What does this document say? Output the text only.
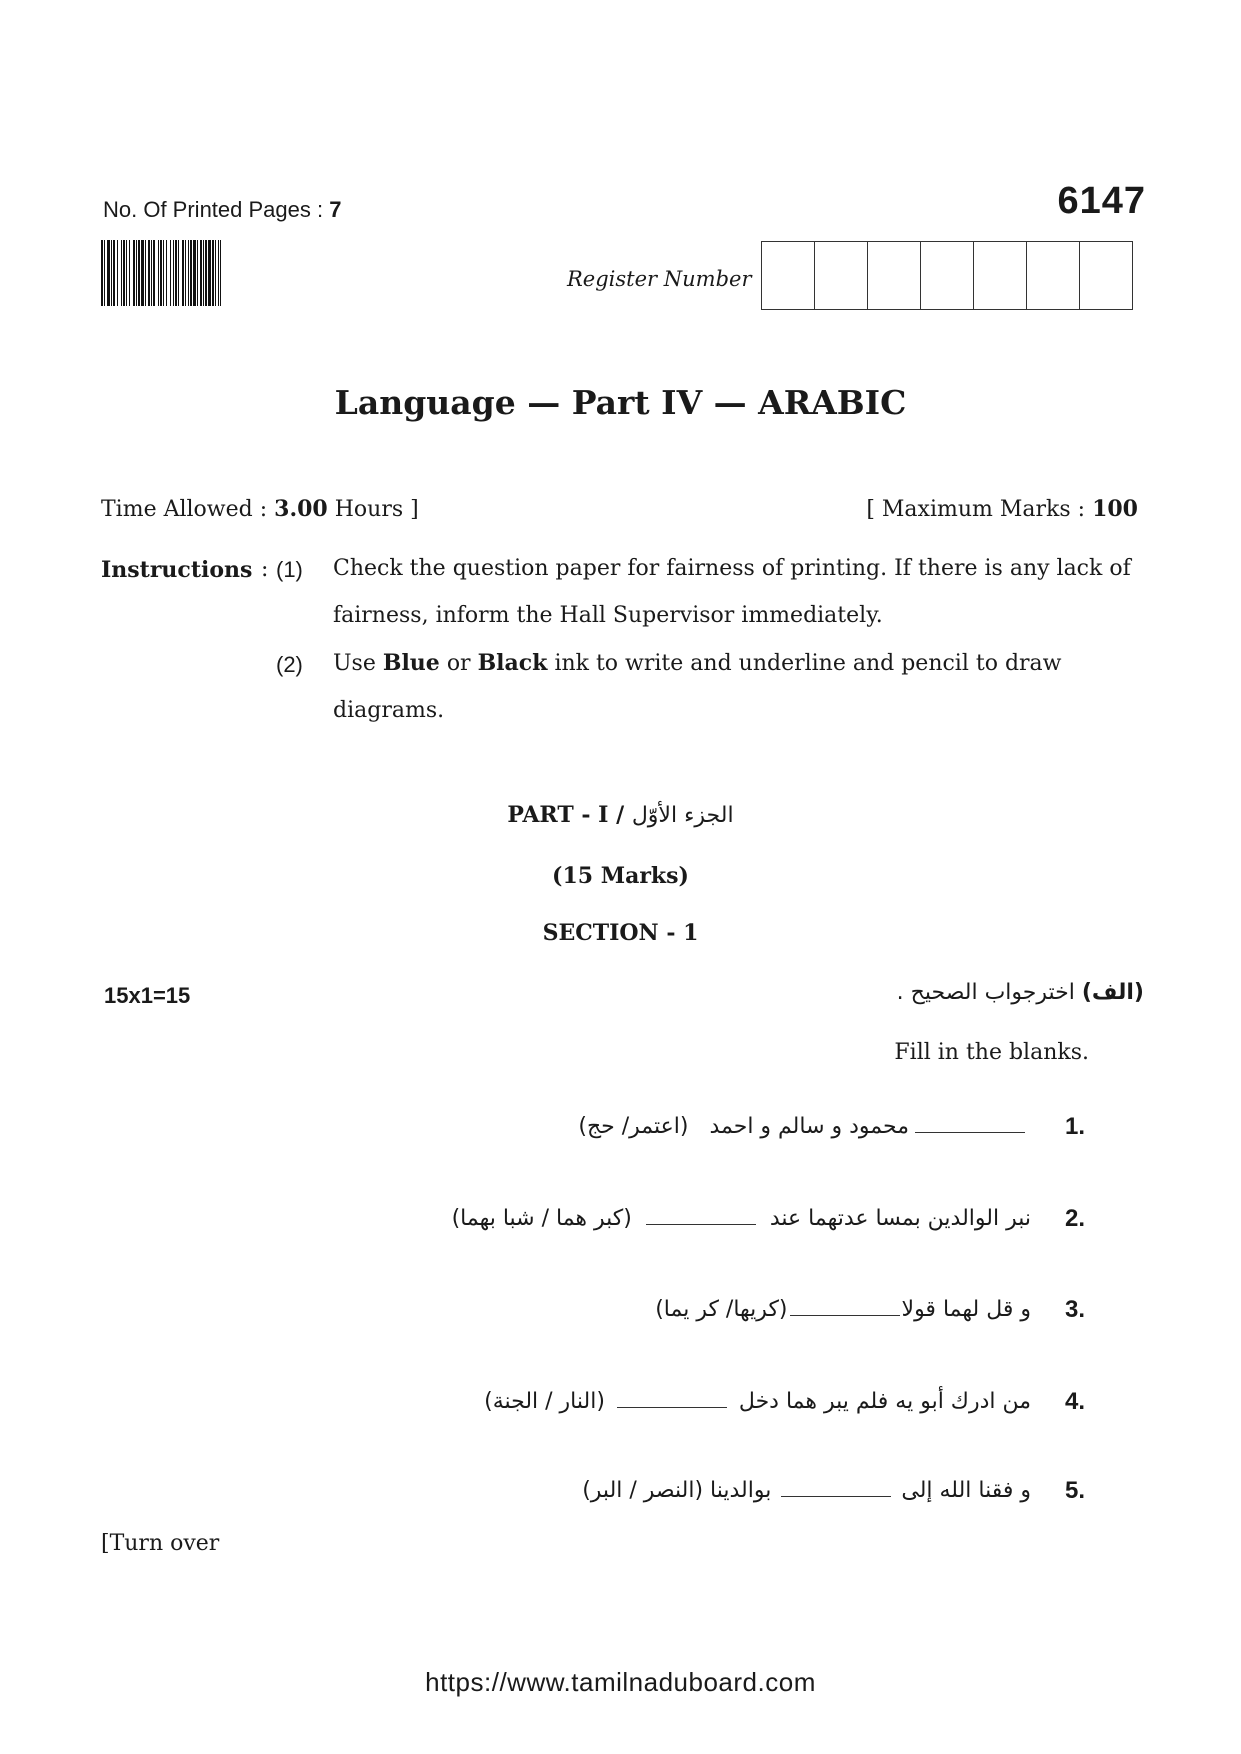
No. Of Printed Pages : 7	6147
Register Number
Language — Part IV — ARABIC
Time Allowed : 3.00 Hours ]	[ Maximum Marks : 100
Instructions : (1) Check the question paper for fairness of printing. If there is any lack of fairness, inform the Hall Supervisor immediately.
(2) Use Blue or Black ink to write and underline and pencil to draw diagrams.
PART - I / الجزء الأوّل
(15 Marks)
SECTION - 1
15x1=15	(الف) اخترجواب الصحيح .
Fill in the blanks.
1.
محمود و سالم و احمد   (اعتمر/ حج)
2.
نبر الوالدين بمسا عدتهما عند(كبر هما / شبا بهما)
3.
و قل لهما قولا(كريها/ كر يما)
4.
من ادرك أبو يه فلم يبر هما دخل(النار / الجنة)
5.
و فقنا الله إلىبوالدينا (النصر / البر)
[Turn over
https://www.tamilnaduboard.com
